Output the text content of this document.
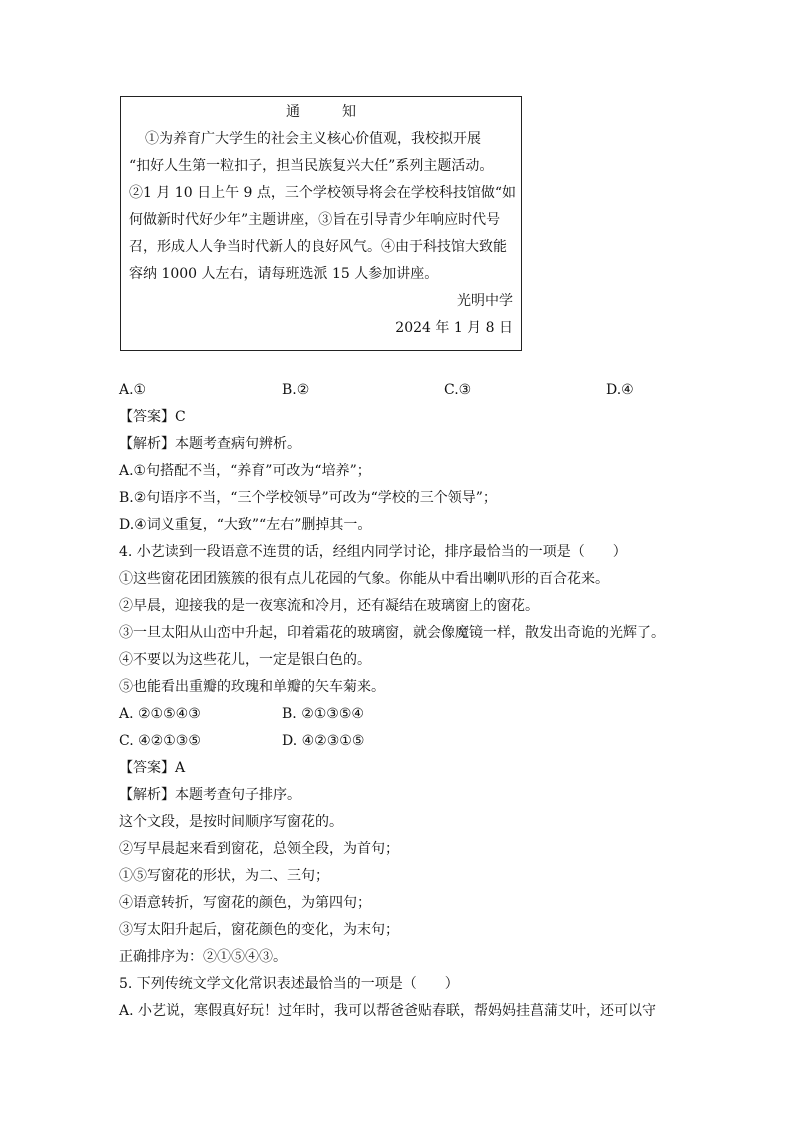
通　知
①为养育广大学生的社会主义核心价值观，我校拟开展
“扣好人生第一粒扣子，担当民族复兴大任”系列主题活动。
②1 月 10 日上午 9 点，三个学校领导将会在学校科技馆做“如
何做新时代好少年”主题讲座，③旨在引导青少年响应时代号
召，形成人人争当时代新人的良好风气。④由于科技馆大致能
容纳 1000 人左右，请每班选派 15 人参加讲座。
光明中学
2024 年 1 月 8 日
A.①	B.②	C.③	D.④
【答案】C
【解析】本题考查病句辨析。
A.①句搭配不当，“养育”可改为“培养”；
B.②句语序不当，“三个学校领导”可改为“学校的三个领导”；
D.④词义重复，“大致”“左右”删掉其一。
4. 小艺读到一段语意不连贯的话，经组内同学讨论，排序最恰当的一项是（　　）
①这些窗花团团簇簇的很有点儿花园的气象。你能从中看出喇叭形的百合花来。
②早晨，迎接我的是一夜寒流和冷月，还有凝结在玻璃窗上的窗花。
③一旦太阳从山峦中升起，印着霜花的玻璃窗，就会像魔镜一样，散发出奇诡的光辉了。
④不要以为这些花儿，一定是银白色的。
⑤也能看出重瓣的玫瑰和单瓣的矢车菊来。
A. ②①⑤④③	B. ②①③⑤④
C. ④②①③⑤	D. ④②③①⑤
【答案】A
【解析】本题考查句子排序。
这个文段，是按时间顺序写窗花的。
②写早晨起来看到窗花，总领全段，为首句；
①⑤写窗花的形状，为二、三句；
④语意转折，写窗花的颜色，为第四句；
③写太阳升起后，窗花颜色的变化，为末句；
正确排序为：②①⑤④③。
5. 下列传统文学文化常识表述最恰当的一项是（　　）
A. 小艺说，寒假真好玩！过年时，我可以帮爸爸贴春联，帮妈妈挂菖蒲艾叶，还可以守
